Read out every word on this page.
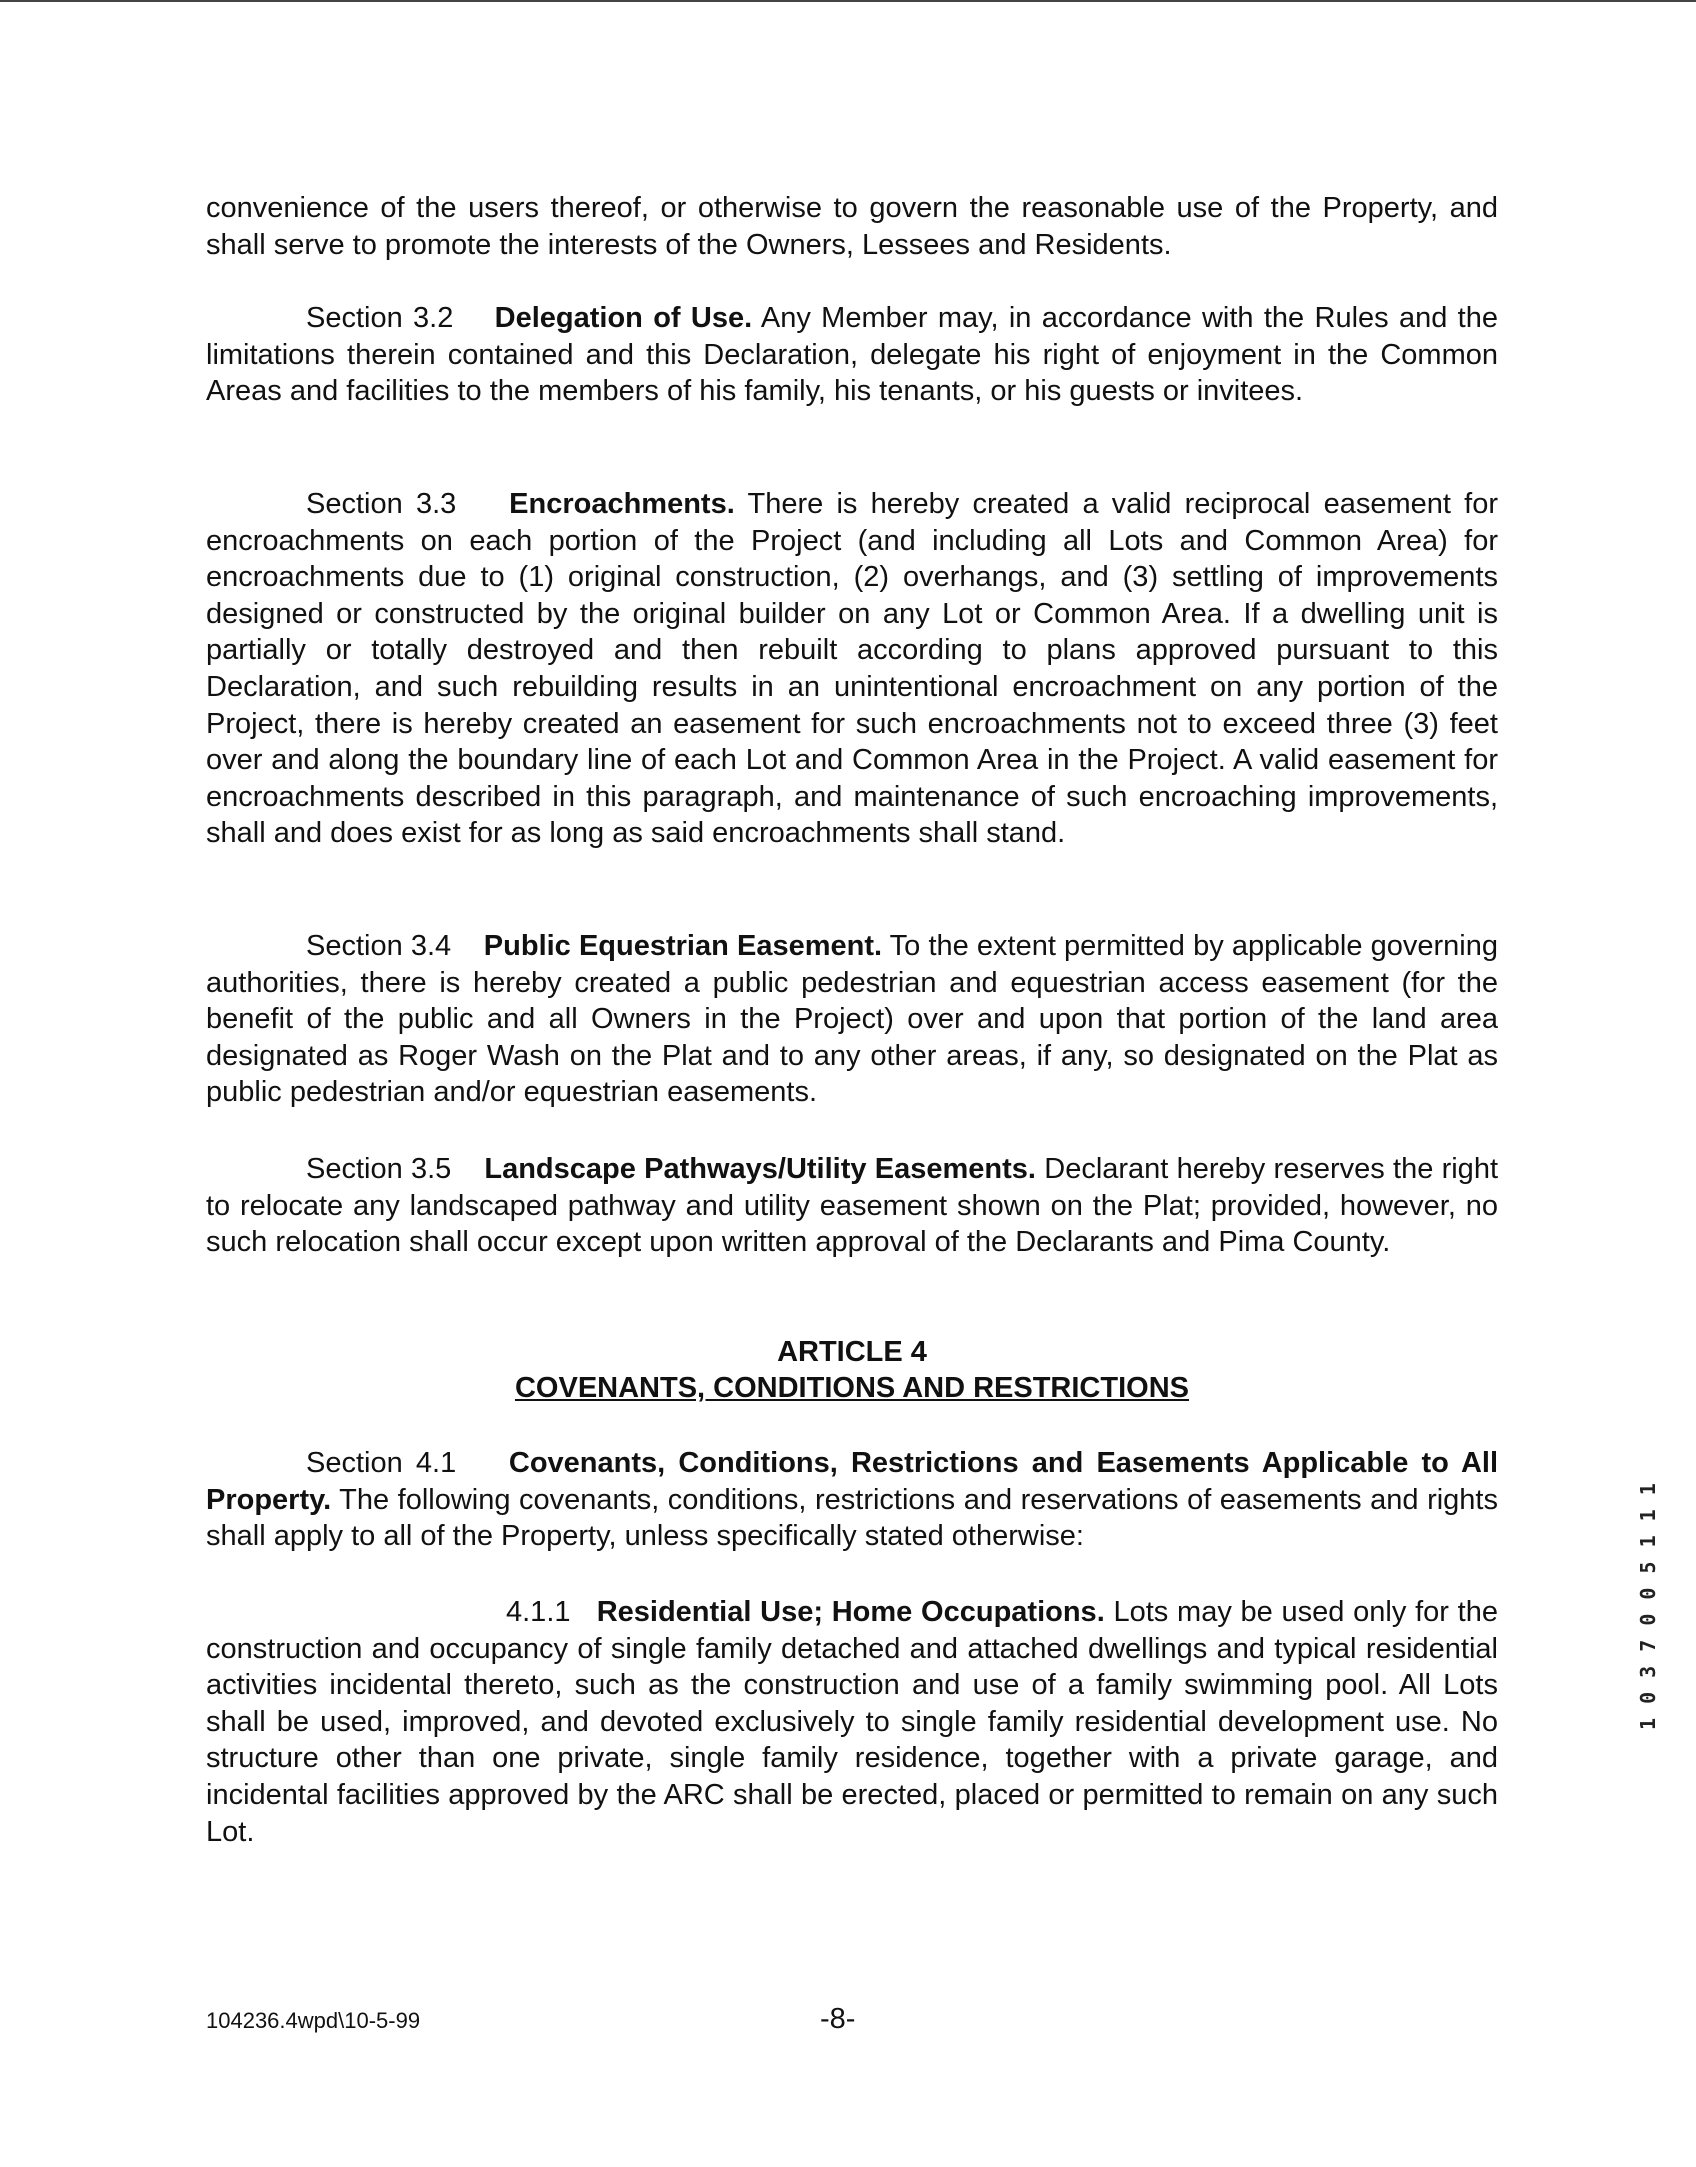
convenience of the users thereof, or otherwise to govern the reasonable use of the Property, and shall serve to promote the interests of the Owners, Lessees and Residents.

Section 3.2 Delegation of Use. Any Member may, in accordance with the Rules and the limitations therein contained and this Declaration, delegate his right of enjoyment in the Common Areas and facilities to the members of his family, his tenants, or his guests or invitees.

Section 3.3 Encroachments. There is hereby created a valid reciprocal easement for encroachments on each portion of the Project (and including all Lots and Common Area) for encroachments due to (1) original construction, (2) overhangs, and (3) settling of improvements designed or constructed by the original builder on any Lot or Common Area. If a dwelling unit is partially or totally destroyed and then rebuilt according to plans approved pursuant to this Declaration, and such rebuilding results in an unintentional encroachment on any portion of the Project, there is hereby created an easement for such encroachments not to exceed three (3) feet over and along the boundary line of each Lot and Common Area in the Project. A valid easement for encroachments described in this paragraph, and maintenance of such encroaching improvements, shall and does exist for as long as said encroachments shall stand.

Section 3.4 Public Equestrian Easement. To the extent permitted by applicable governing authorities, there is hereby created a public pedestrian and equestrian access easement (for the benefit of the public and all Owners in the Project) over and upon that portion of the land area designated as Roger Wash on the Plat and to any other areas, if any, so designated on the Plat as public pedestrian and/or equestrian easements.

Section 3.5 Landscape Pathways/Utility Easements. Declarant hereby reserves the right to relocate any landscaped pathway and utility easement shown on the Plat; provided, however, no such relocation shall occur except upon written approval of the Declarants and Pima County.

ARTICLE 4
COVENANTS, CONDITIONS AND RESTRICTIONS

Section 4.1 Covenants, Conditions, Restrictions and Easements Applicable to All Property. The following covenants, conditions, restrictions and reservations of easements and rights shall apply to all of the Property, unless specifically stated otherwise:

4.1.1 Residential Use; Home Occupations. Lots may be used only for the construction and occupancy of single family detached and attached dwellings and typical residential activities incidental thereto, such as the construction and use of a family swimming pool. All Lots shall be used, improved, and devoted exclusively to single family residential development use. No structure other than one private, single family residence, together with a private garage, and incidental facilities approved by the ARC shall be erected, placed or permitted to remain on any such Lot.

104236.4wpd\10-5-99	-8-
1 0 3 7 0 0 5 1 1 1
